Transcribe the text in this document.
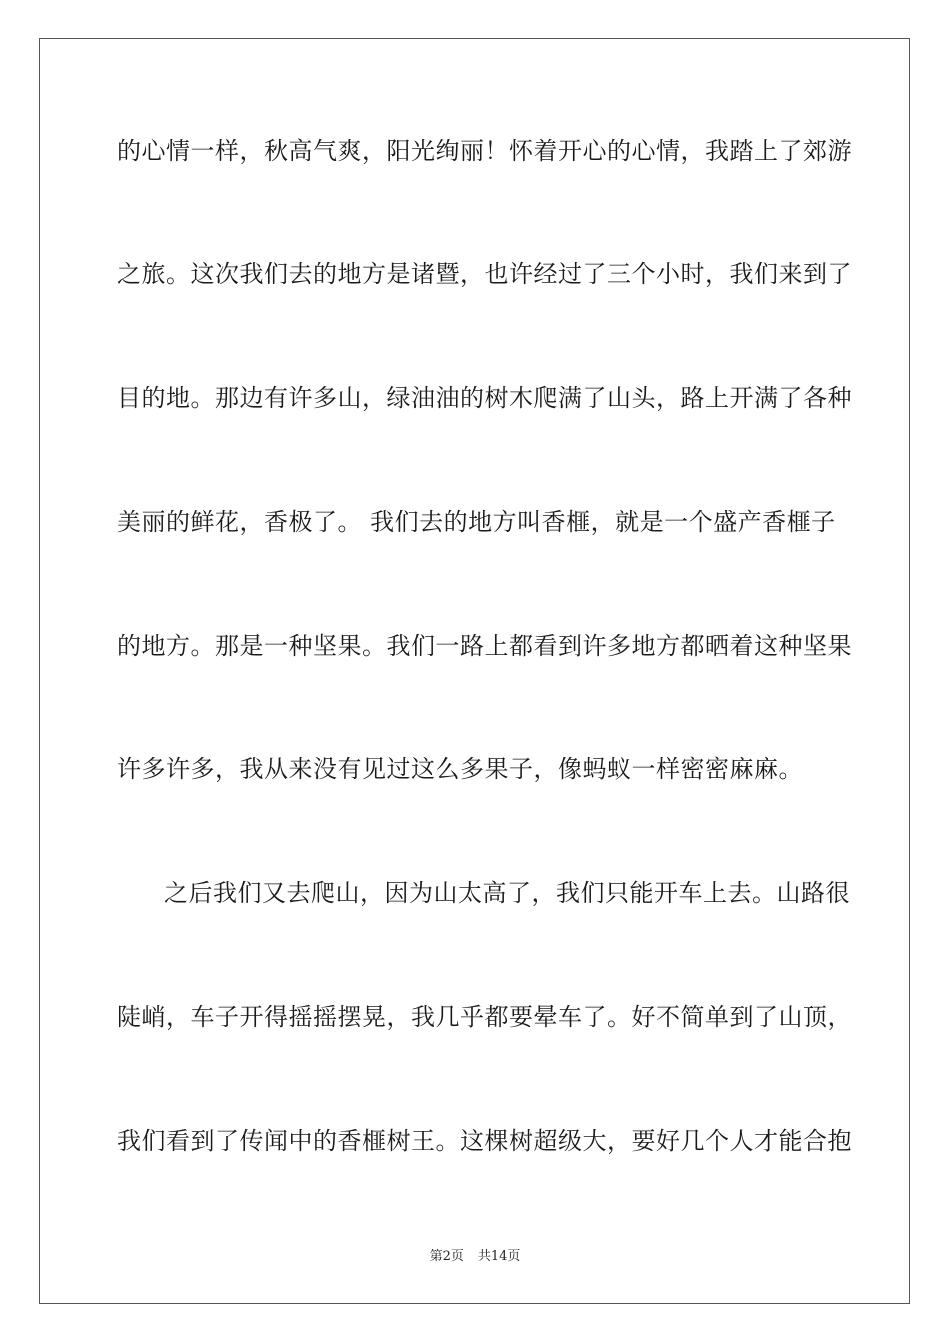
的心情一样，秋高气爽，阳光绚丽！怀着开心的心情，我踏上了郊游
之旅。这次我们去的地方是诸暨，也许经过了三个小时，我们来到了
目的地。那边有许多山，绿油油的树木爬满了山头，路上开满了各种
美丽的鲜花，香极了。 我们去的地方叫香榧，就是一个盛产香榧子
的地方。那是一种坚果。我们一路上都看到许多地方都晒着这种坚果
许多许多，我从来没有见过这么多果子，像蚂蚁一样密密麻麻。
之后我们又去爬山，因为山太高了，我们只能开车上去。山路很
陡峭，车子开得摇摇摆晃，我几乎都要晕车了。好不简单到了山顶，
我们看到了传闻中的香榧树王。这棵树超级大，要好几个人才能合抱
第2页 共14页
